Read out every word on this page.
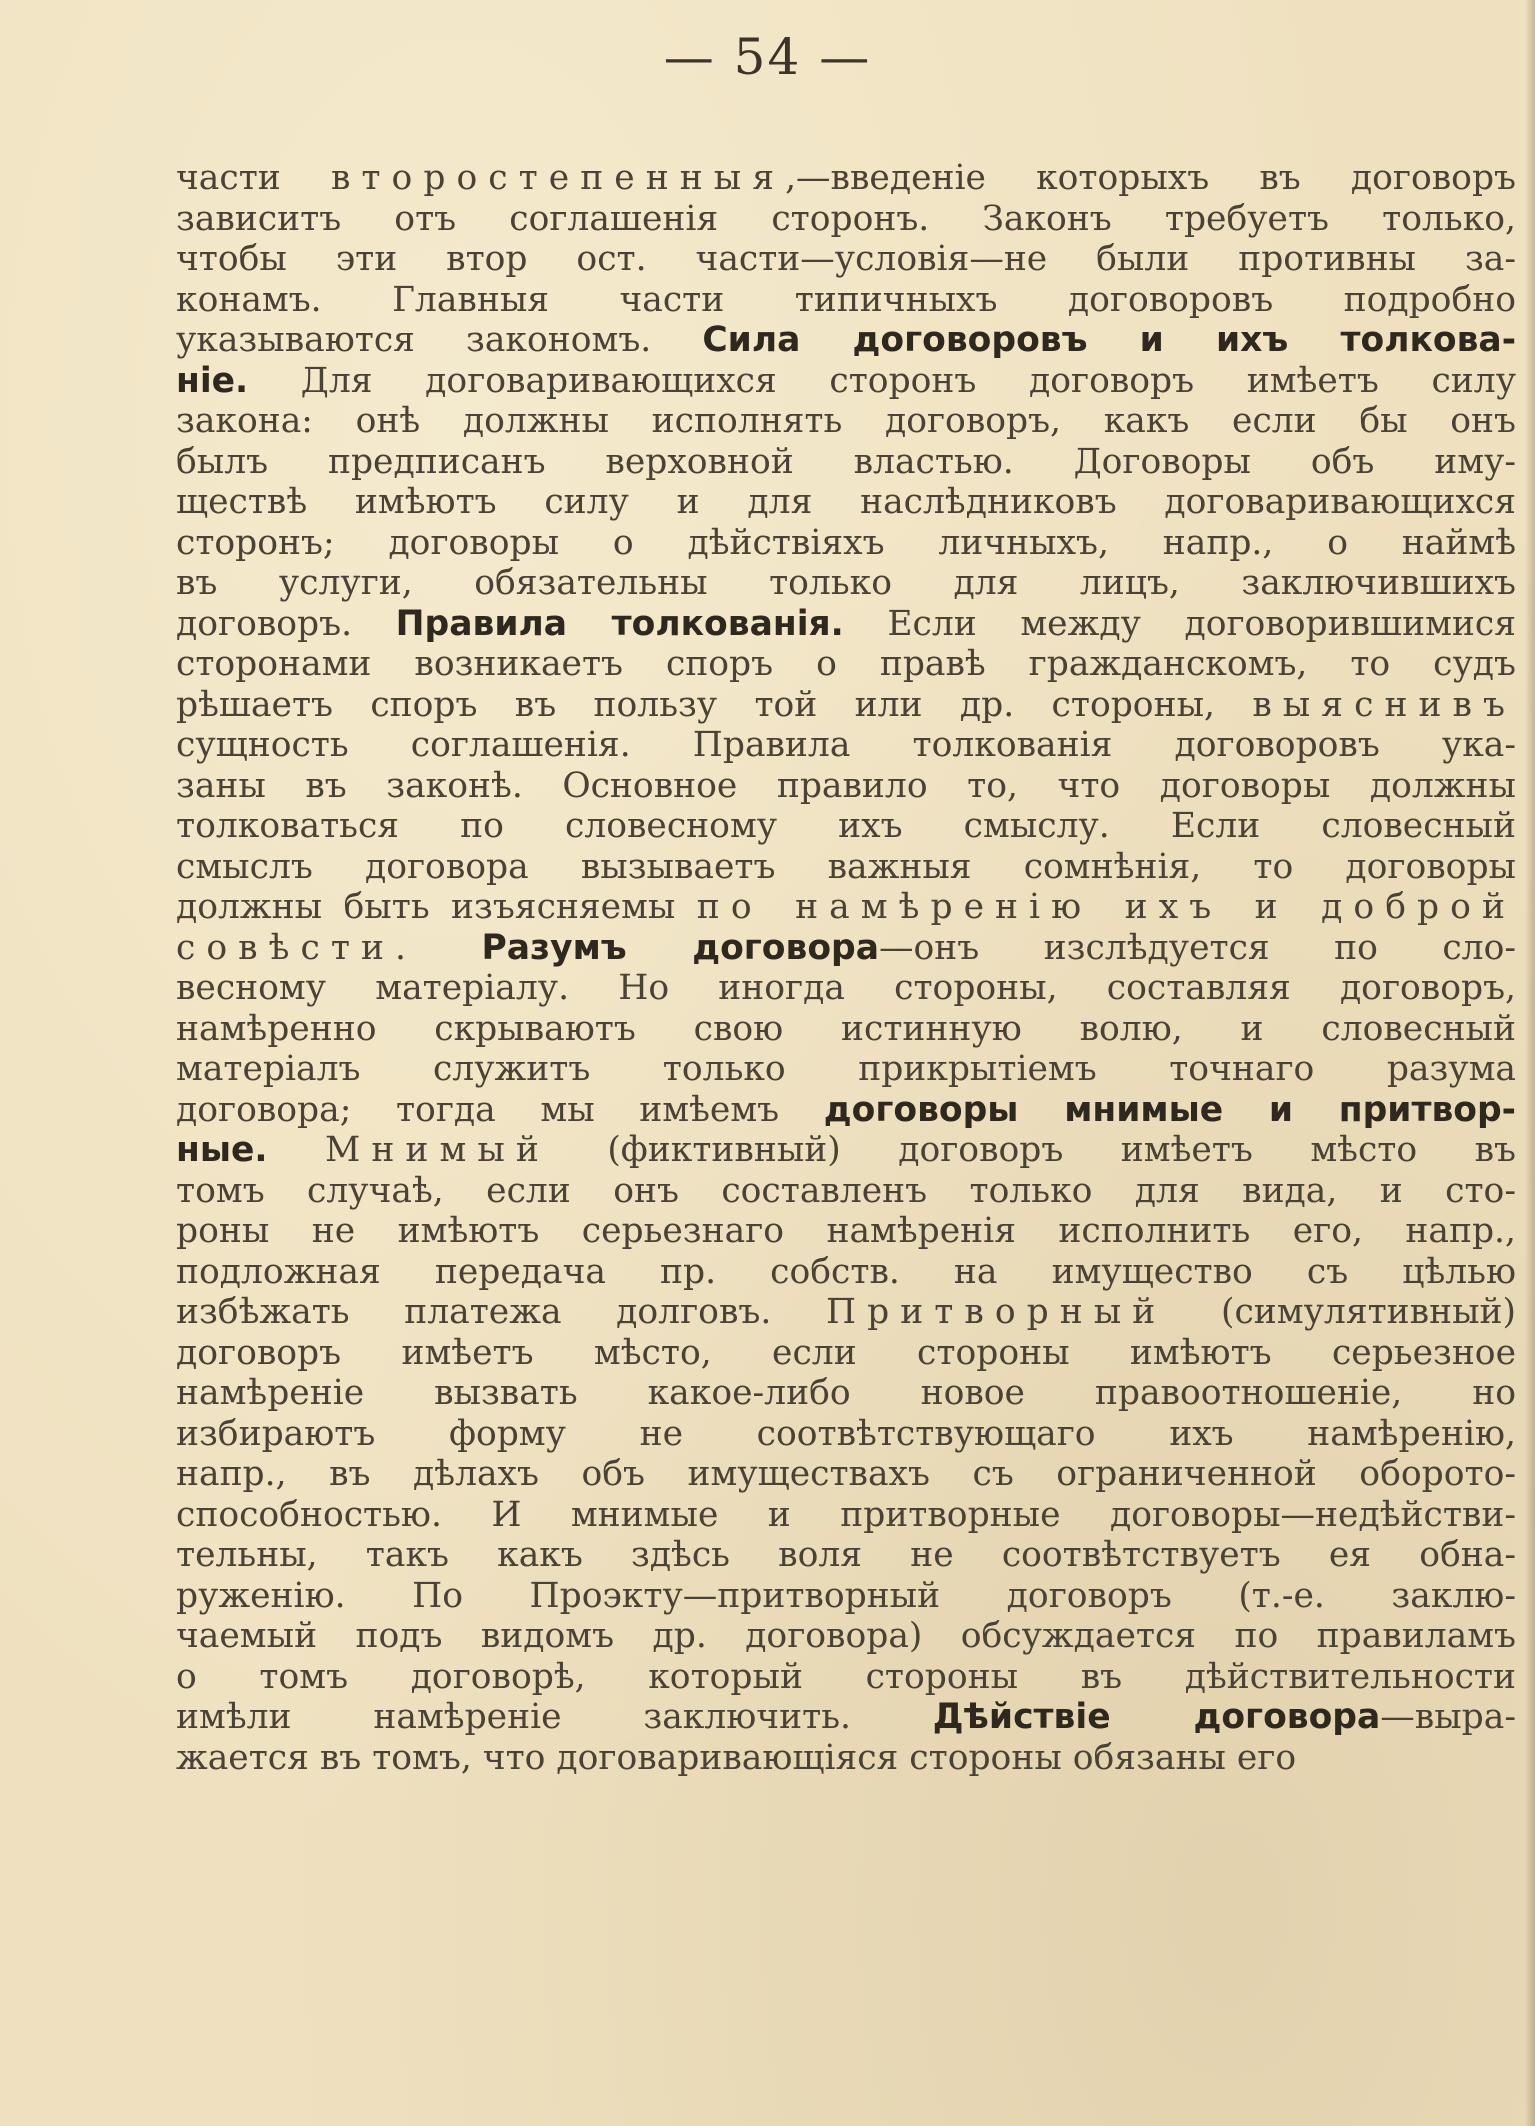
— 54 —
части второстепенныя,—введеніе которыхъ въ договоръ
зависитъ отъ соглашенія сторонъ. Законъ требуетъ только,
чтобы эти втор ост. части—условія—не были противны за-
конамъ. Главныя части типичныхъ договоровъ подробно
указываются закономъ. Сила договоровъ и ихъ толкова-
ніе. Для договаривающихся сторонъ договоръ имѣетъ силу
закона: онѣ должны исполнять договоръ, какъ если бы онъ
былъ предписанъ верховной властью. Договоры объ иму-
ществѣ имѣютъ силу и для наслѣдниковъ договаривающихся
сторонъ; договоры о дѣйствіяхъ личныхъ, напр., о наймѣ
въ услуги, обязательны только для лицъ, заключившихъ
договоръ. Правила толкованія. Если между договорившимися
сторонами возникаетъ споръ о правѣ гражданскомъ, то судъ
рѣшаетъ споръ въ пользу той или др. стороны, выяснивъ
сущность соглашенія. Правила толкованія договоровъ ука-
заны въ законѣ. Основное правило то, что договоры должны
толковаться по словесному ихъ смыслу. Если словесный
смыслъ договора вызываетъ важныя сомнѣнія, то договоры
должны быть изъясняемы по намѣренію ихъ и доброй
совѣсти. Разумъ договора—онъ изслѣдуется по сло-
весному матеріалу. Но иногда стороны, составляя договоръ,
намѣренно скрываютъ свою истинную волю, и словесный
матеріалъ служитъ только прикрытіемъ точнаго разума
договора; тогда мы имѣемъ договоры мнимые и притвор-
ные. Мнимый (фиктивный) договоръ имѣетъ мѣсто въ
томъ случаѣ, если онъ составленъ только для вида, и сто-
роны не имѣютъ серьезнаго намѣренія исполнить его, напр.,
подложная передача пр. собств. на имущество съ цѣлью
избѣжать платежа долговъ. Притворный (симулятивный)
договоръ имѣетъ мѣсто, если стороны имѣютъ серьезное
намѣреніе вызвать какое-либо новое правоотношеніе, но
избираютъ форму не соотвѣтствующаго ихъ намѣренію,
напр., въ дѣлахъ объ имуществахъ съ ограниченной оборото-
способностью. И мнимые и притворные договоры—недѣйстви-
тельны, такъ какъ здѣсь воля не соотвѣтствуетъ ея обна-
руженію. По Проэкту—притворный договоръ (т.-е. заклю-
чаемый подъ видомъ др. договора) обсуждается по правиламъ
о томъ договорѣ, который стороны въ дѣйствительности
имѣли намѣреніе заключить. Дѣйствіе договора—выра-
жается въ томъ, что договаривающіяся стороны обязаны его
